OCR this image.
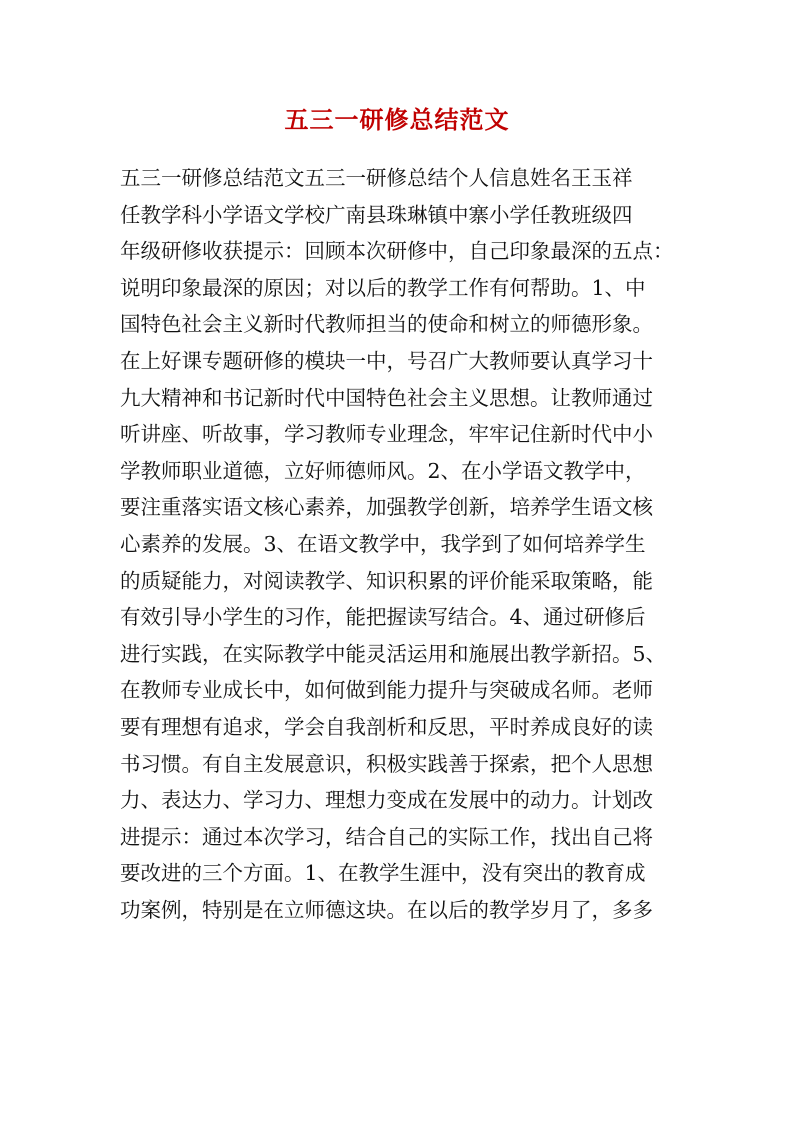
五三一研修总结范文
五三一研修总结范文五三一研修总结个人信息姓名王玉祥
任教学科小学语文学校广南县珠琳镇中寨小学任教班级四
年级研修收获提示：回顾本次研修中，自己印象最深的五点：
说明印象最深的原因；对以后的教学工作有何帮助。1、中
国特色社会主义新时代教师担当的使命和树立的师德形象。
在上好课专题研修的模块一中，号召广大教师要认真学习十
九大精神和书记新时代中国特色社会主义思想。让教师通过
听讲座、听故事，学习教师专业理念，牢牢记住新时代中小
学教师职业道德，立好师德师风。2、在小学语文教学中，
要注重落实语文核心素养，加强教学创新，培养学生语文核
心素养的发展。3、在语文教学中，我学到了如何培养学生
的质疑能力，对阅读教学、知识积累的评价能采取策略，能
有效引导小学生的习作，能把握读写结合。4、通过研修后
进行实践，在实际教学中能灵活运用和施展出教学新招。5、
在教师专业成长中，如何做到能力提升与突破成名师。老师
要有理想有追求，学会自我剖析和反思，平时养成良好的读
书习惯。有自主发展意识，积极实践善于探索，把个人思想
力、表达力、学习力、理想力变成在发展中的动力。计划改
进提示：通过本次学习，结合自己的实际工作，找出自己将
要改进的三个方面。1、在教学生涯中，没有突出的教育成
功案例，特别是在立师德这块。在以后的教学岁月了，多多
